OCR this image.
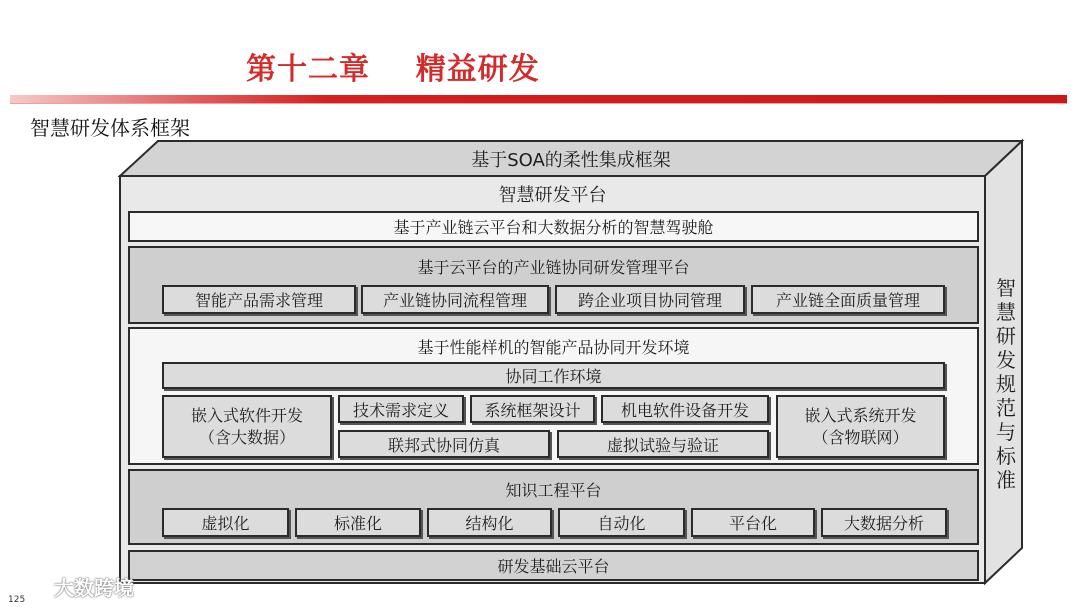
第十二章    精益研发
智慧研发体系框架
基于SOA的柔性集成框架
智慧研发平台
智慧研发规范与标准
基于产业链云平台和大数据分析的智慧驾驶舱
基于云平台的产业链协同研发管理平台
智能产品需求管理	产业链协同流程管理	跨企业项目协同管理	产业链全面质量管理
基于性能样机的智能产品协同开发环境
协同工作环境
嵌入式软件开发
（含大数据）
技术需求定义	系统框架设计	机电软件设备开发
联邦式协同仿真	虚拟试验与验证
嵌入式系统开发
（含物联网）
知识工程平台
虚拟化	标准化	结构化	自动化	平台化	大数据分析
研发基础云平台
大数跨境
125
